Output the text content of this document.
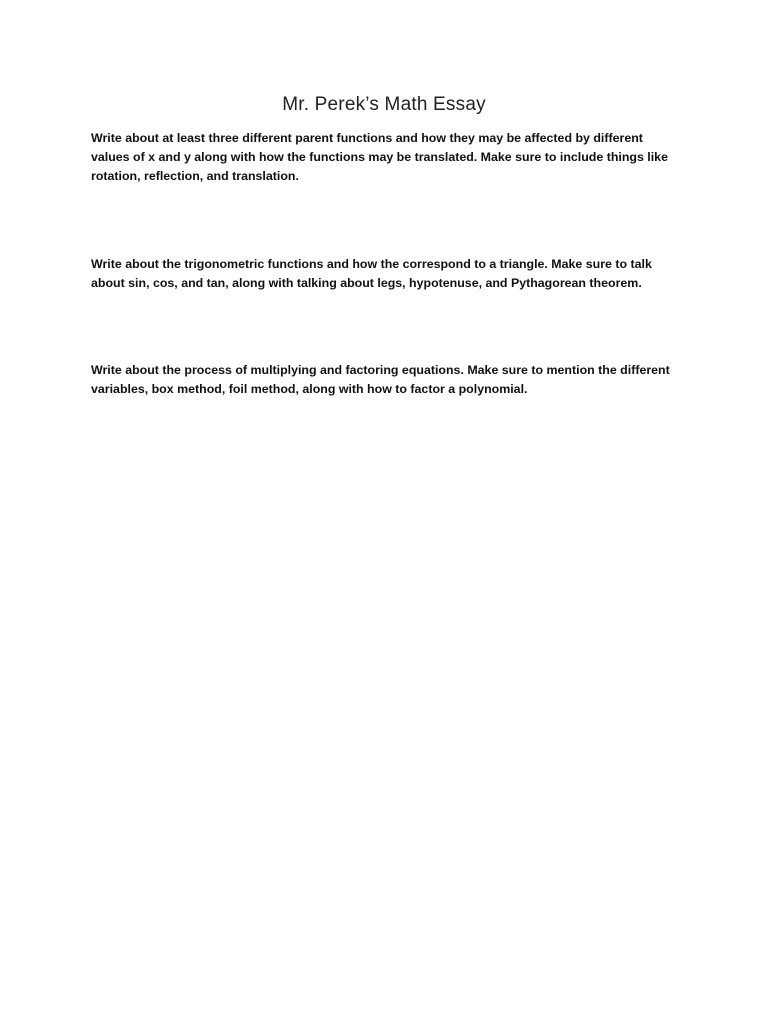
Mr. Perek’s Math Essay

Write about at least three different parent functions and how they may be affected by different values of x and y along with how the functions may be translated. Make sure to include things like rotation, reflection, and translation.

Write about the trigonometric functions and how the correspond to a triangle. Make sure to talk about sin, cos, and tan, along with talking about legs, hypotenuse, and Pythagorean theorem.

Write about the process of multiplying and factoring equations. Make sure to mention the different variables, box method, foil method, along with how to factor a polynomial.
